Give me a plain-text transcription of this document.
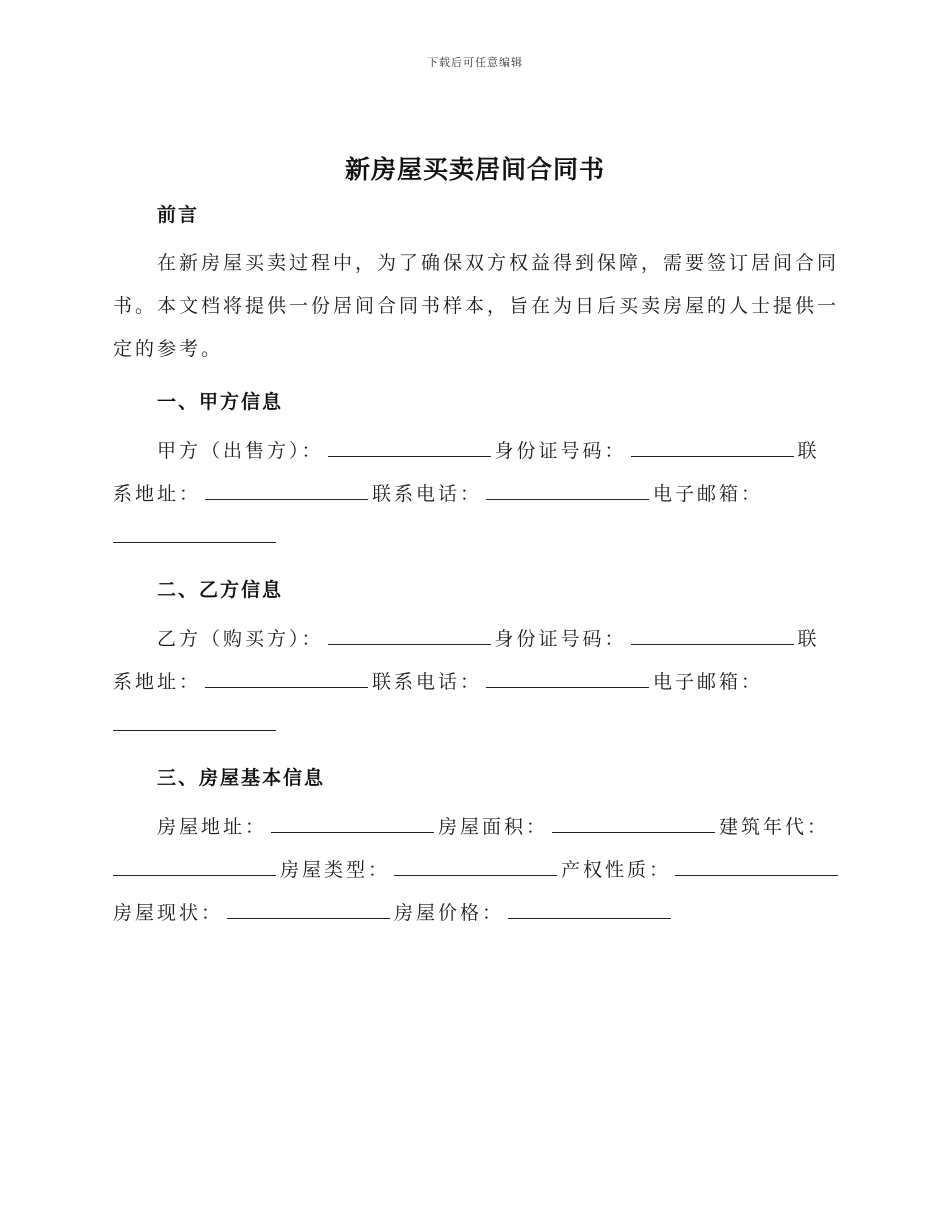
下载后可任意编辑
新房屋买卖居间合同书
前言
在新房屋买卖过程中，为了确保双方权益得到保障，需要签订居间合同
书。本文档将提供一份居间合同书样本，旨在为日后买卖房屋的人士提供一
定的参考。
一、甲方信息
甲方（出售方）：	身份证号码：	联
系地址：	联系电话：	电子邮箱：
二、乙方信息
乙方（购买方）：	身份证号码：	联
系地址：	联系电话：	电子邮箱：
三、房屋基本信息
房屋地址：	房屋面积：	建筑年代：
房屋类型：	产权性质：
房屋现状：	房屋价格：
